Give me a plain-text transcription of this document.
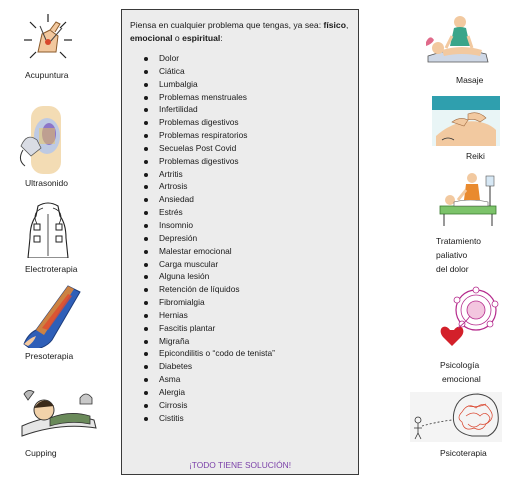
Acupuntura
Ultrasonido
Electroterapia
Presoterapia
Cupping
Piensa en cualquier problema que tengas, ya sea: físico,
emocional o espiritual:
Dolor
Ciática
Lumbalgia
Problemas menstruales
Infertilidad
Problemas digestivos
Problemas respiratorios
Secuelas Post Covid
Problemas digestivos
Artritis
Artrosis
Ansiedad
Estrés
Insomnio
Depresión
Malestar emocional
Carga muscular
Alguna lesión
Retención de líquidos
Fibromialgia
Hernias
Fascitis plantar
Migraña
Epicondilitis o “codo de tenista”
Diabetes
Asma
Alergia
Cirrosis
Cistitis
¡TODO TIENE SOLUCIÓN!
Masaje
Reiki
Tratamiento
paliativo
del dolor
Psicología
emocional
Psicoterapia
